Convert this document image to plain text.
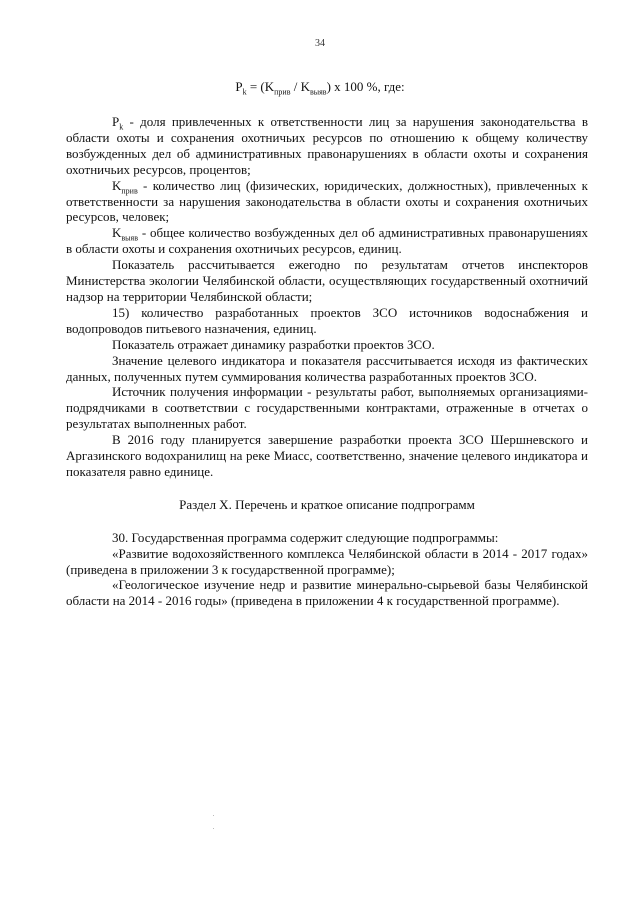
34
$P_k = (K_{прив} / K_{выяв})$ x 100 %, где:

$P_k$ - доля привлеченных к ответственности лиц за нарушения законодательства в области охоты и сохранения охотничьих ресурсов по отношению к общему количеству возбужденных дел об административных правонарушениях в области охоты и сохранения охотничьих ресурсов, процентов;

$K_{прив}$ - количество лиц (физических, юридических, должностных), привлеченных к ответственности за нарушения законодательства в области охоты и сохранения охотничьих ресурсов, человек;

$K_{выяв}$ - общее количество возбужденных дел об административных правонарушениях в области охоты и сохранения охотничьих ресурсов, единиц.

Показатель рассчитывается ежегодно по результатам отчетов инспекторов Министерства экологии Челябинской области, осуществляющих государственный охотничий надзор на территории Челябинской области;

15) количество разработанных проектов ЗСО источников водоснабжения и водопроводов питьевого назначения, единиц.

Показатель отражает динамику разработки проектов ЗСО.

Значение целевого индикатора и показателя рассчитывается исходя из фактических данных, полученных путем суммирования количества разработанных проектов ЗСО.

Источник получения информации - результаты работ, выполняемых организациями-подрядчиками в соответствии с государственными контрактами, отраженные в отчетах о результатах выполненных работ.

В 2016 году планируется завершение разработки проекта ЗСО Шершневского и Аргазинского водохранилищ на реке Миасс, соответственно, значение целевого индикатора и показателя равно единице.

Раздел X. Перечень и краткое описание подпрограмм

30. Государственная программа содержит следующие подпрограммы:

«Развитие водохозяйственного комплекса Челябинской области в 2014 - 2017 годах» (приведена в приложении 3 к государственной программе);

«Геологическое изучение недр и развитие минерально-сырьевой базы Челябинской области на 2014 - 2016 годы» (приведена в приложении 4 к государственной программе).
